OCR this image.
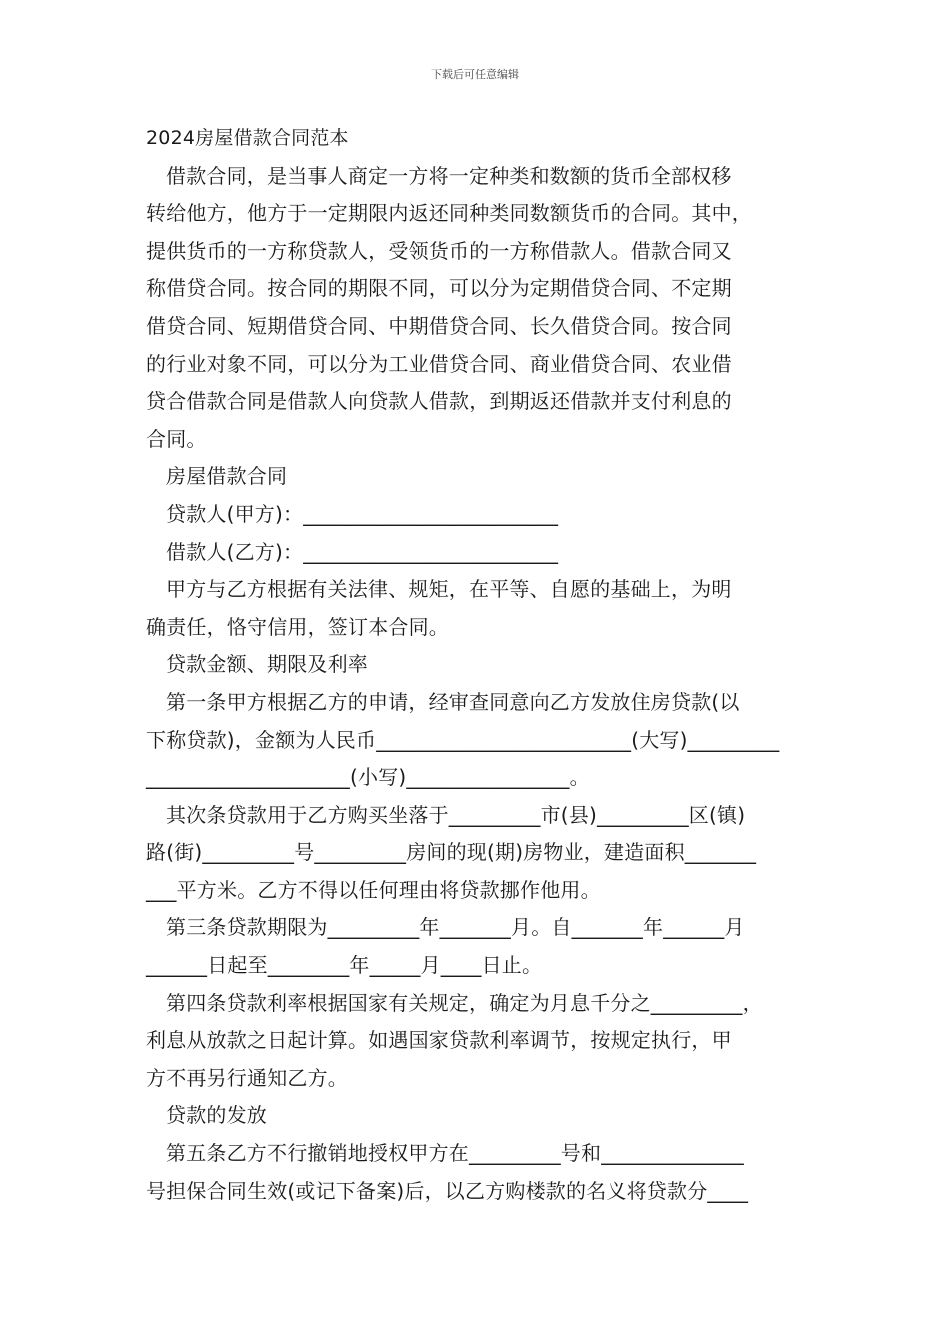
下载后可任意编辑
2024房屋借款合同范本
借款合同，是当事人商定一方将一定种类和数额的货币全部权移
转给他方，他方于一定期限内返还同种类同数额货币的合同。其中，
提供货币的一方称贷款人，受领货币的一方称借款人。借款合同又
称借贷合同。按合同的期限不同，可以分为定期借贷合同、不定期
借贷合同、短期借贷合同、中期借贷合同、长久借贷合同。按合同
的行业对象不同，可以分为工业借贷合同、商业借贷合同、农业借
贷合借款合同是借款人向贷款人借款，到期返还借款并支付利息的
合同。
房屋借款合同
贷款人(甲方)：_________________________
借款人(乙方)：_________________________
甲方与乙方根据有关法律、规矩，在平等、自愿的基础上，为明
确责任，恪守信用，签订本合同。
贷款金额、期限及利率
第一条甲方根据乙方的申请，经审查同意向乙方发放住房贷款(以
下称贷款)，金额为人民币_________________________(大写)_________
____________________(小写)________________。
其次条贷款用于乙方购买坐落于_________市(县)_________区(镇)
路(街)_________号_________房间的现(期)房物业，建造面积_______
___平方米。乙方不得以任何理由将贷款挪作他用。
第三条贷款期限为_________年_______月。自_______年______月
______日起至________年_____月____日止。
第四条贷款利率根据国家有关规定，确定为月息千分之_________，
利息从放款之日起计算。如遇国家贷款利率调节，按规定执行，甲
方不再另行通知乙方。
贷款的发放
第五条乙方不行撤销地授权甲方在_________号和______________
号担保合同生效(或记下备案)后，以乙方购楼款的名义将贷款分____
